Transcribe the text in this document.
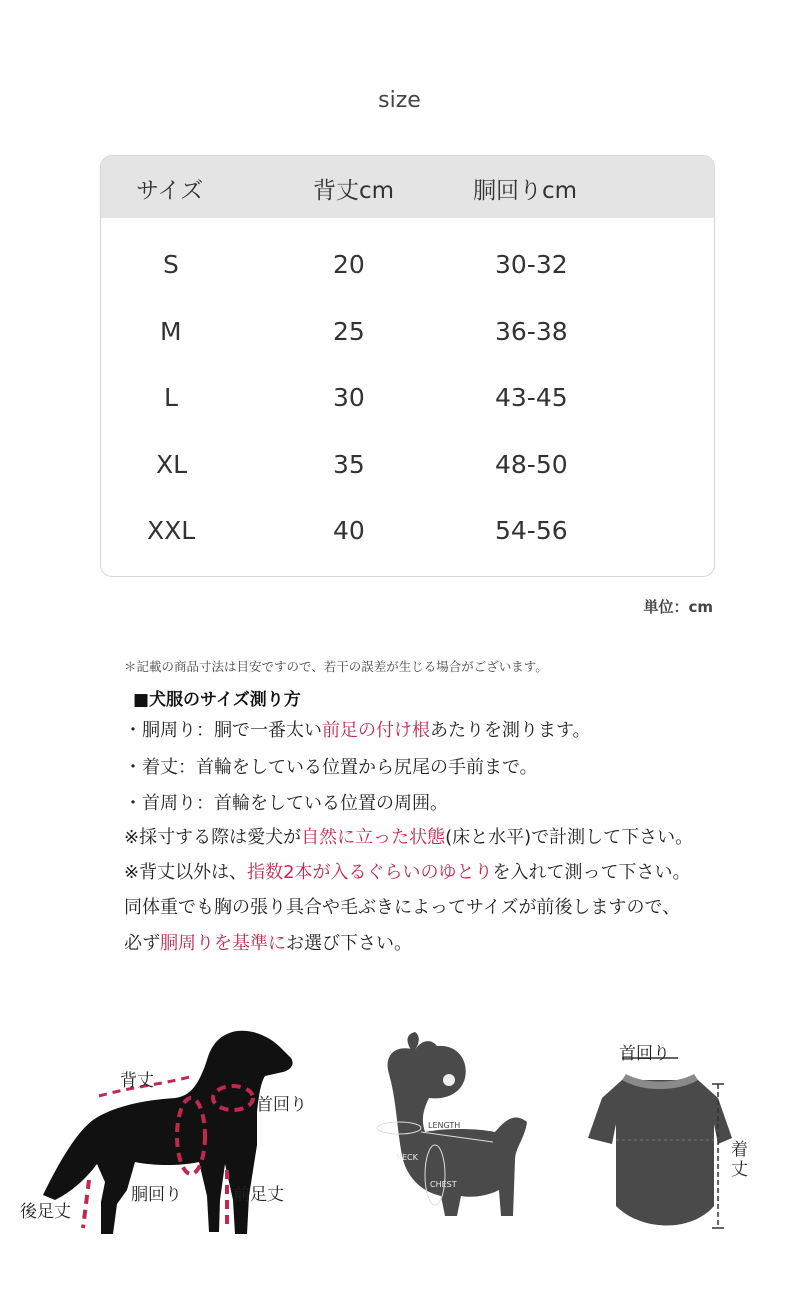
size
サイズ	背丈cm	胴回りcm
S	20	30-32
M	25	36-38
L	30	43-45
XL	35	48-50
XXL	40	54-56
単位：cm
＊記載の商品寸法は目安ですので、若干の誤差が生じる場合がございます。
■犬服のサイズ測り方
・胴周り：胴で一番太い前足の付け根あたりを測ります。
・着丈：首輪をしている位置から尻尾の手前まで。
・首周り：首輪をしている位置の周囲。
※採寸する際は愛犬が自然に立った状態(床と水平)で計測して下さい。
※背丈以外は、指数2本が入るぐらいのゆとりを入れて測って下さい。
同体重でも胸の張り具合や毛ぶきによってサイズが前後しますので、
必ず胴周りを基準にお選び下さい。
背丈
首回り
胴回り	前足丈
後足丈
LENGTH
NECK
CHEST
首回り
着
丈
